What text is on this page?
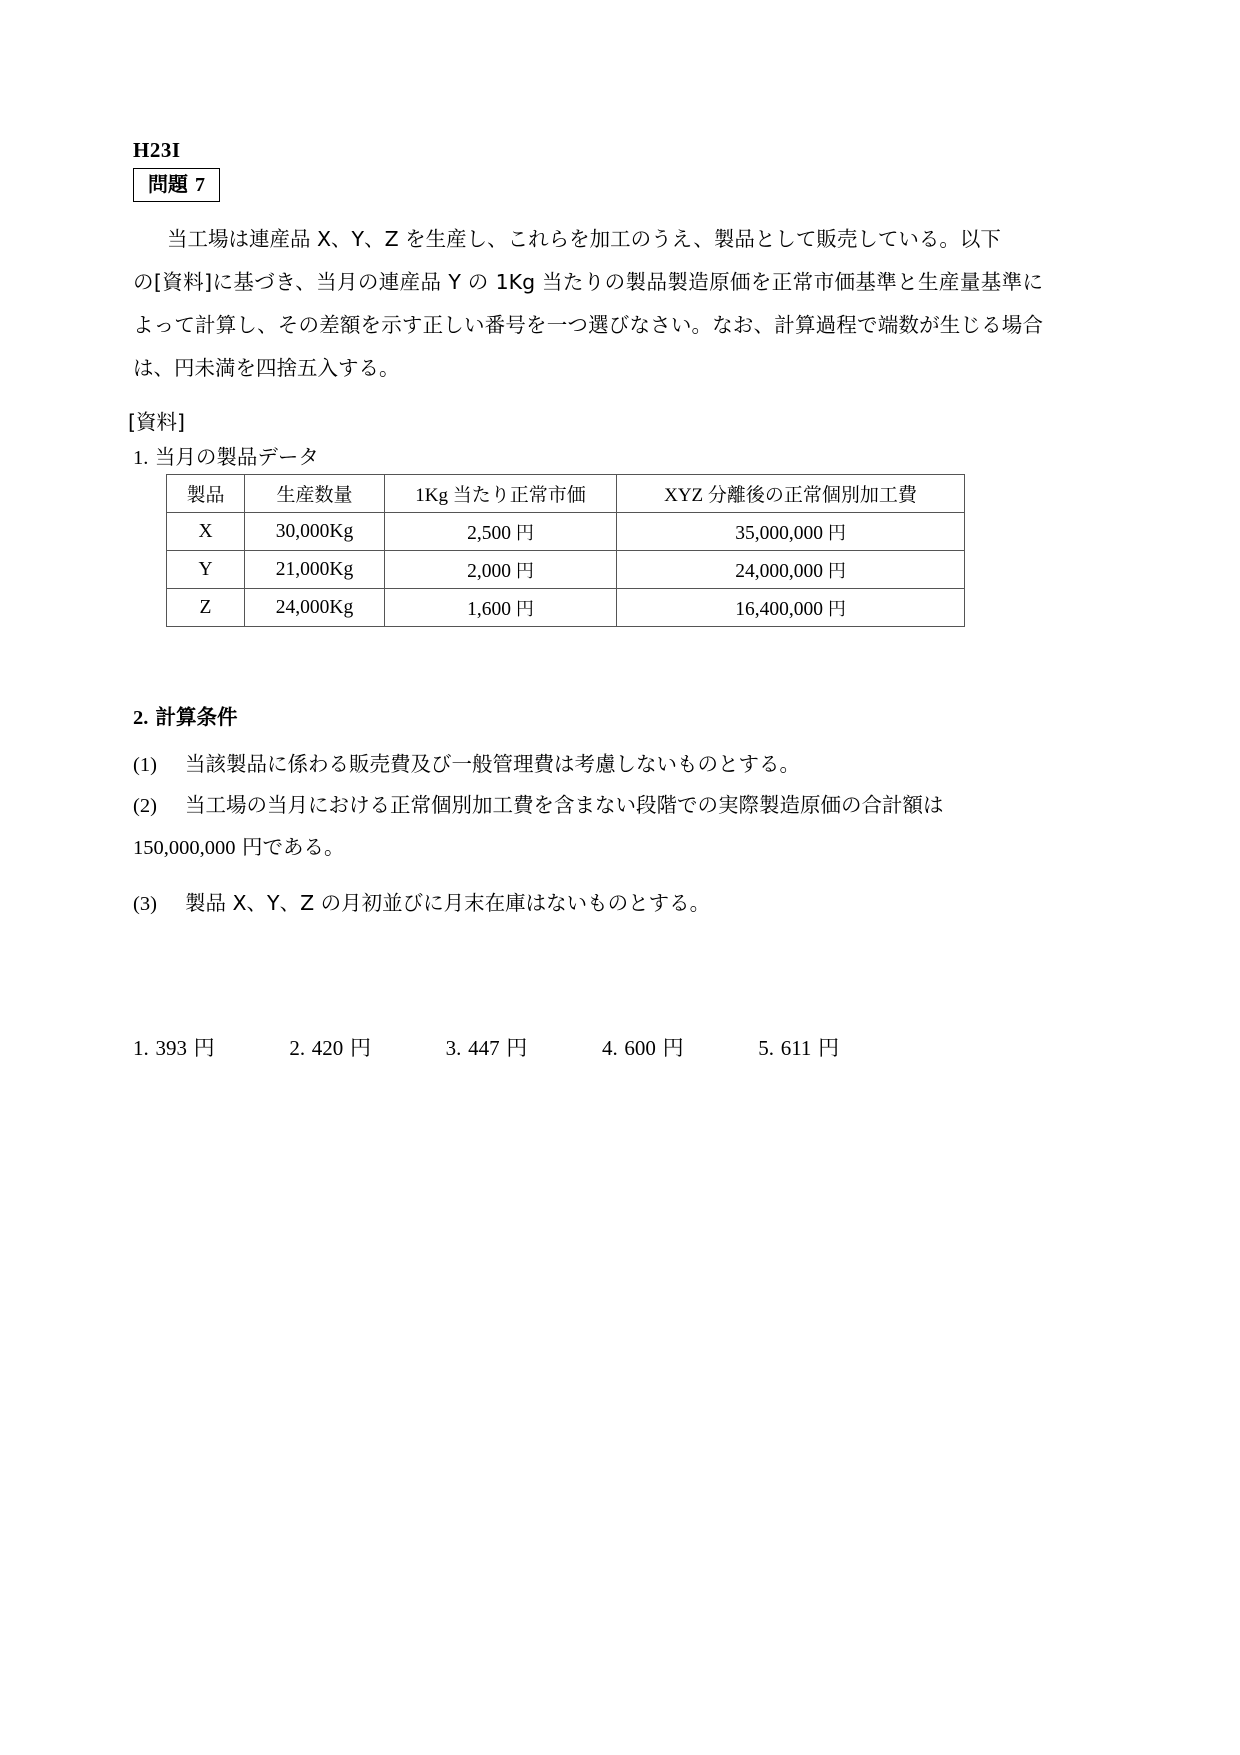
H23I
問題 7
当工場は連産品 X、Y、Z を生産し、これらを加工のうえ、製品として販売している。以下
の[資料]に基づき、当月の連産品 Y の 1Kg 当たりの製品製造原価を正常市価基準と生産量基準によって計算し、その差額を示す正しい番号を一つ選びなさい。なお、計算過程で端数が生じる場合は、円未満を四捨五入する。
[資料]
1. 当月の製品データ
製品	生産数量	1Kg 当たり正常市価	XYZ 分離後の正常個別加工費
X	30,000Kg	2,500 円	35,000,000 円
Y	21,000Kg	2,000 円	24,000,000 円
Z	24,000Kg	1,600 円	16,400,000 円
2. 計算条件
(1) 当該製品に係わる販売費及び一般管理費は考慮しないものとする。
(2) 当工場の当月における正常個別加工費を含まない段階での実際製造原価の合計額は
150,000,000 円である。
(3) 製品 X、Y、Z の月初並びに月末在庫はないものとする。
1. 393 円	2. 420 円	3. 447 円	4. 600 円	5. 611 円
